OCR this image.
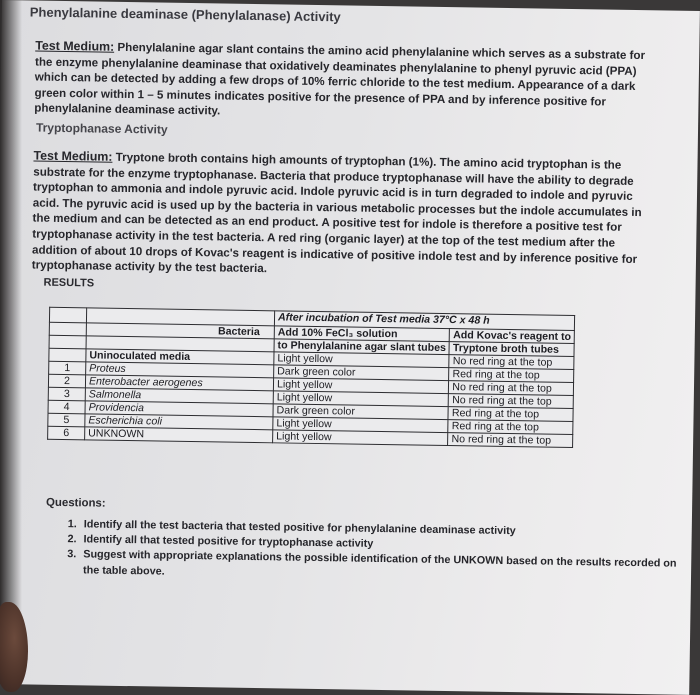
Phenylalanine deaminase (Phenylalanase) Activity
Test Medium: Phenylalanine agar slant contains the amino acid phenylalanine which serves as a substrate for the enzyme phenylalanine deaminase that oxidatively deaminates phenylalanine to phenyl pyruvic acid (PPA) which can be detected by adding a few drops of 10% ferric chloride to the test medium. Appearance of a dark green color within 1 – 5 minutes indicates positive for the presence of PPA and by inference positive for phenylalanine deaminase activity.
Tryptophanase Activity
Test Medium: Tryptone broth contains high amounts of tryptophan (1%). The amino acid tryptophan is the substrate for the enzyme tryptophanase. Bacteria that produce tryptophanase will have the ability to degrade tryptophan to ammonia and indole pyruvic acid. Indole pyruvic acid is in turn degraded to indole and pyruvic acid. The pyruvic acid is used up by the bacteria in various metabolic processes but the indole accumulates in the medium and can be detected as an end product. A positive test for indole is therefore a positive test for tryptophanase activity in the test bacteria. A red ring (organic layer) at the top of the test medium after the addition of about 10 drops of Kovac's reagent is indicative of positive indole test and by inference positive for tryptophanase activity by the test bacteria.
RESULTS
		After incubation of Test media 37°C x 48 h	
	Bacteria	Add 10% FeCl₃ solution	Add Kovac's reagent to
		to Phenylalanine agar slant tubes	Tryptone broth tubes
	Uninoculated media	Light yellow	No red ring at the top
1	Proteus	Dark green color	Red ring at the top
2	Enterobacter aerogenes	Light yellow	No red ring at the top
3	Salmonella	Light yellow	No red ring at the top
4	Providencia	Dark green color	Red ring at the top
5	Escherichia coli	Light yellow	Red ring at the top
6	UNKNOWN	Light yellow	No red ring at the top
Questions:
1. Identify all the test bacteria that tested positive for phenylalanine deaminase activity
2. Identify all that tested positive for tryptophanase activity
3. Suggest with appropriate explanations the possible identification of the UNKOWN based on the results recorded on the table above.
